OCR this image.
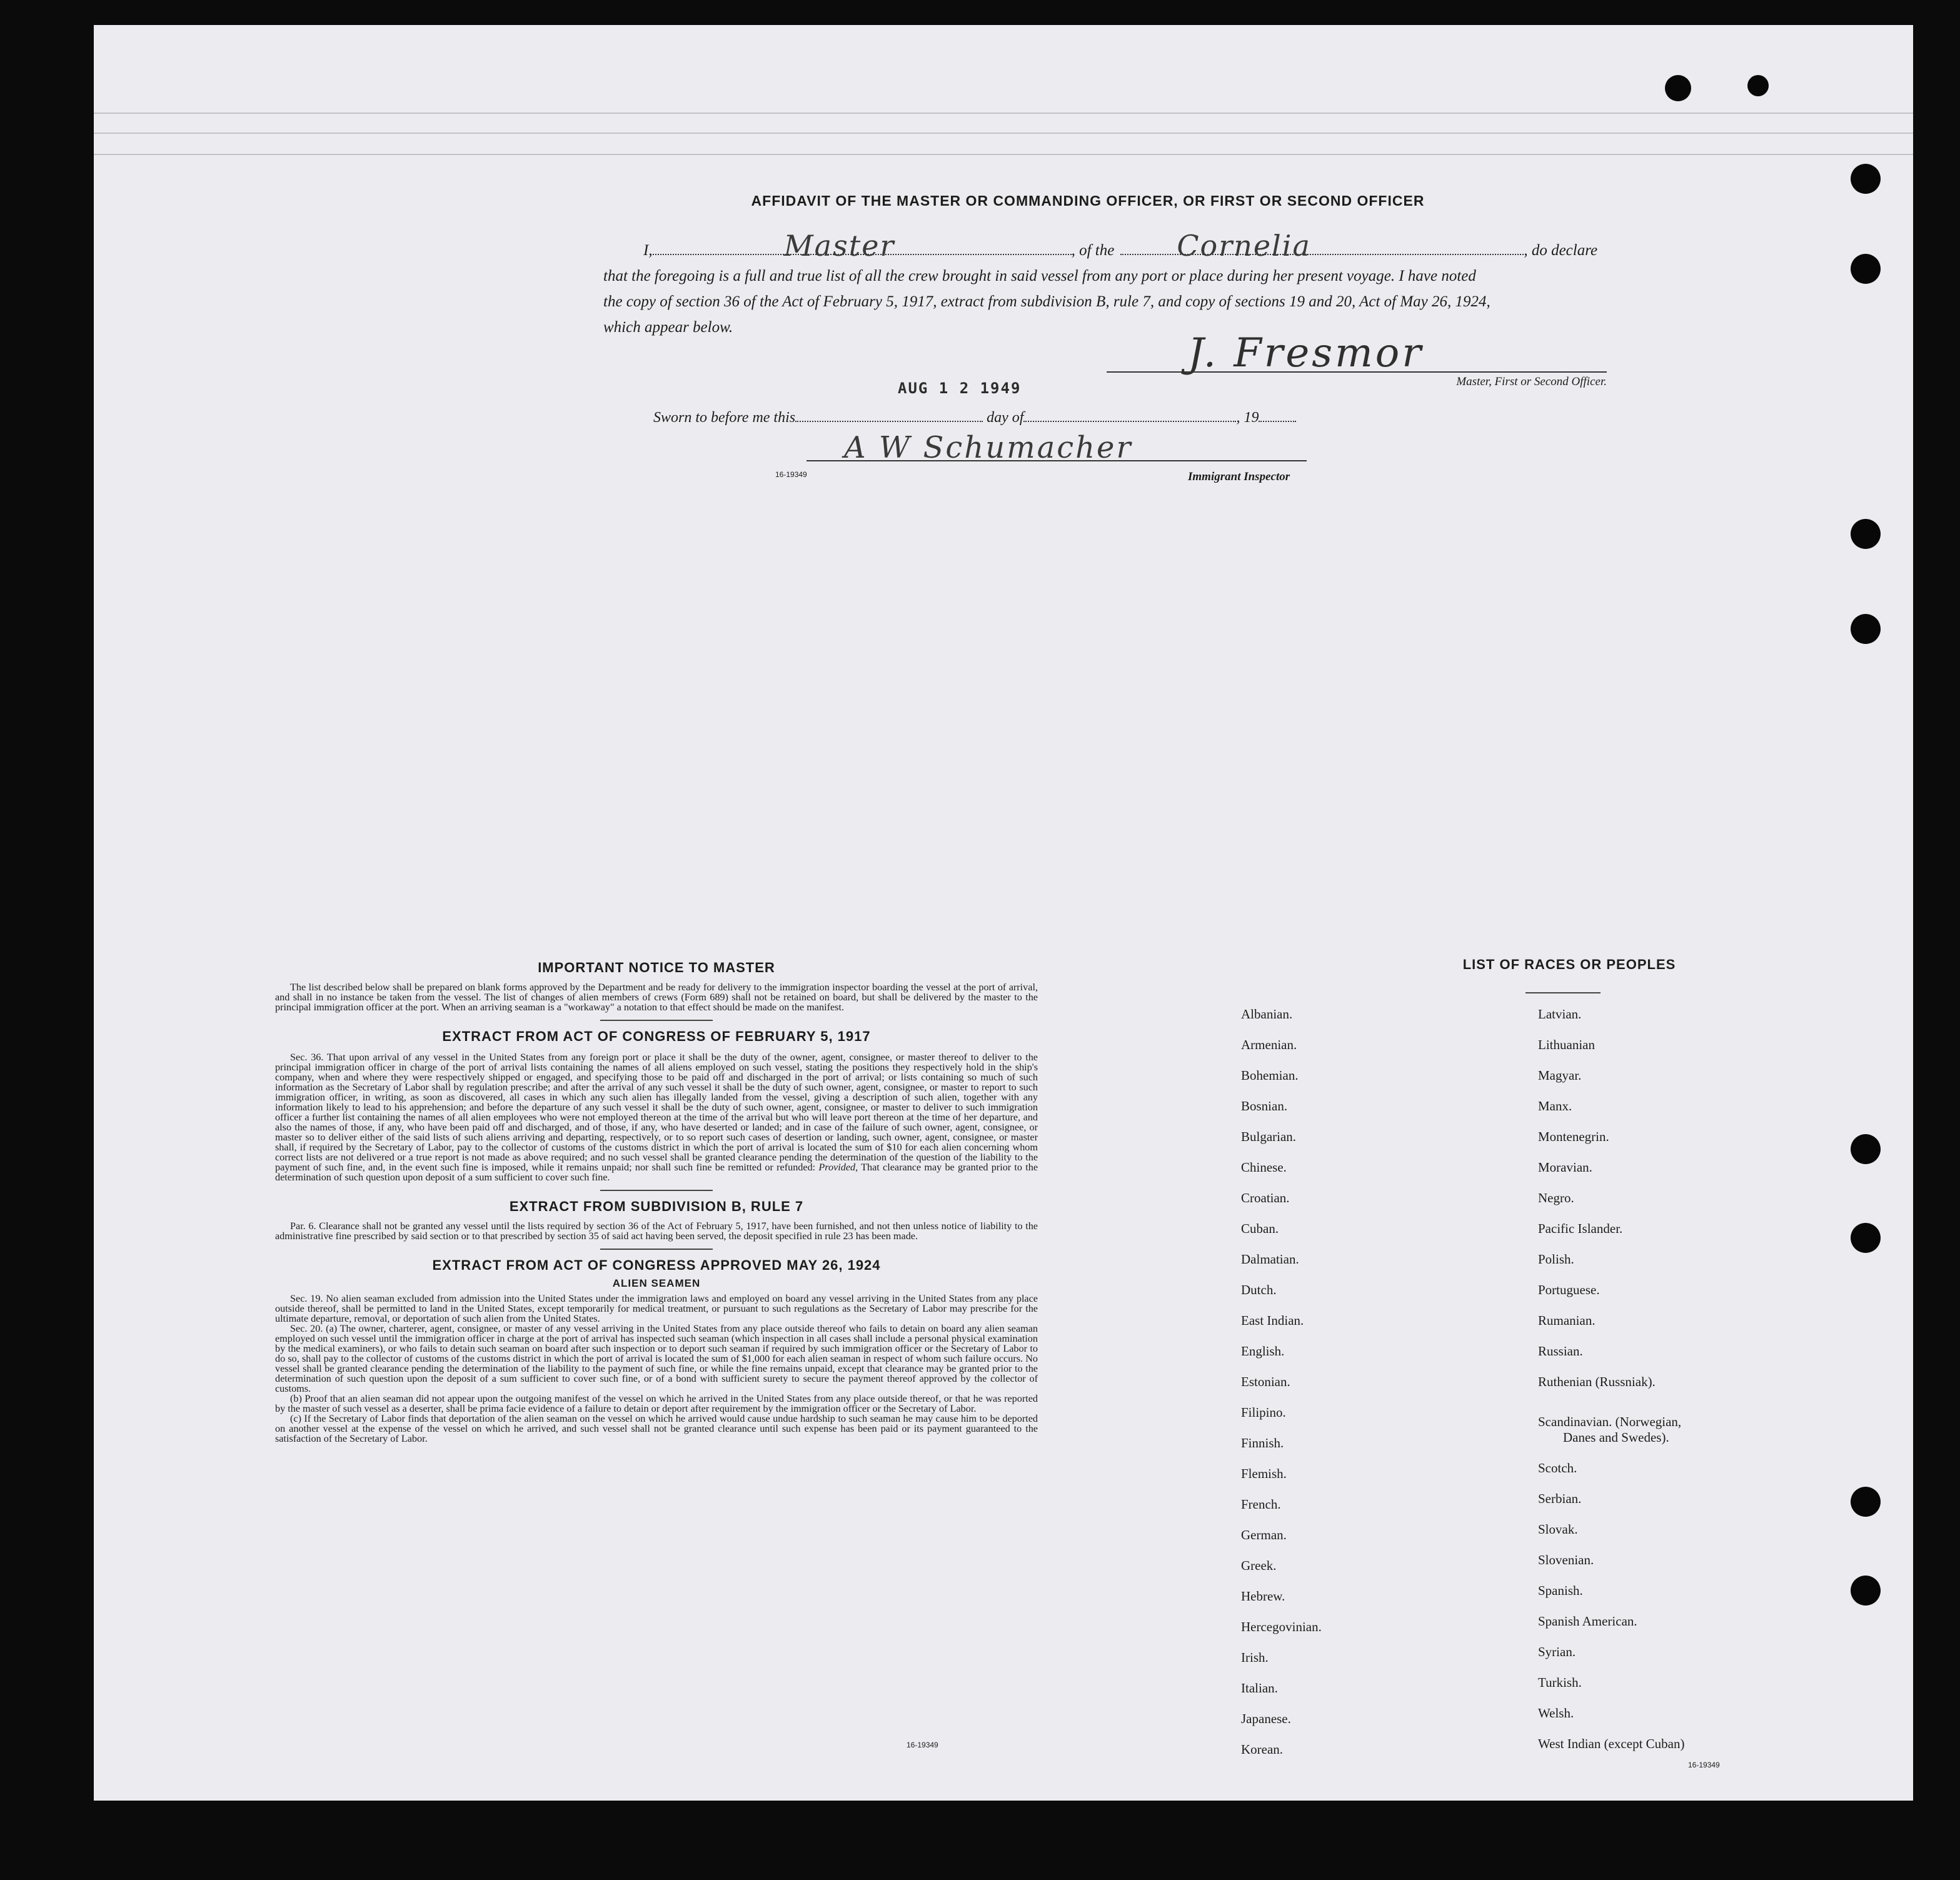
AFFIDAVIT OF THE MASTER OR COMMANDING OFFICER, OR FIRST OR SECOND OFFICER
I,	Master	, of the Cornelia	, do declare
that the foregoing is a full and true list of all the crew brought in said vessel from any port or place during her present voyage. I have noted
the copy of section 36 of the Act of February 5, 1917, extract from subdivision B, rule 7, and copy of sections 19 and 20, Act of May 26, 1924,
which appear below.
J. Fresmor
Master, First or Second Officer.
AUG 1 2 1949
Sworn to before me this	day of	, 19
A W Schumacher
16-19349	Immigrant Inspector
IMPORTANT NOTICE TO MASTER

The list described below shall be prepared on blank forms approved by the Department and be ready for delivery to the immigration inspector boarding the vessel at the port of arrival, and shall in no instance be taken from the vessel. The list of changes of alien members of crews (Form 689) shall not be retained on board, but shall be delivered by the master to the principal immigration officer at the port. When an arriving seaman is a "workaway" a notation to that effect should be made on the manifest.

EXTRACT FROM ACT OF CONGRESS OF FEBRUARY 5, 1917

Sec. 36. That upon arrival of any vessel in the United States from any foreign port or place it shall be the duty of the owner, agent, consignee, or master thereof to deliver to the principal immigration officer in charge of the port of arrival lists containing the names of all aliens employed on such vessel, stating the positions they respectively hold in the ship's company, when and where they were respectively shipped or engaged, and specifying those to be paid off and discharged in the port of arrival; or lists containing so much of such information as the Secretary of Labor shall by regulation prescribe; and after the arrival of any such vessel it shall be the duty of such owner, agent, consignee, or master to report to such immigration officer, in writing, as soon as discovered, all cases in which any such alien has illegally landed from the vessel, giving a description of such alien, together with any information likely to lead to his apprehension; and before the departure of any such vessel it shall be the duty of such owner, agent, consignee, or master to deliver to such immigration officer a further list containing the names of all alien employees who were not employed thereon at the time of the arrival but who will leave port thereon at the time of her departure, and also the names of those, if any, who have been paid off and discharged, and of those, if any, who have deserted or landed; and in case of the failure of such owner, agent, consignee, or master so to deliver either of the said lists of such aliens arriving and departing, respectively, or to so report such cases of desertion or landing, such owner, agent, consignee, or master shall, if required by the Secretary of Labor, pay to the collector of customs of the customs district in which the port of arrival is located the sum of $10 for each alien concerning whom correct lists are not delivered or a true report is not made as above required; and no such vessel shall be granted clearance pending the determination of the question of the liability to the payment of such fine, and, in the event such fine is imposed, while it remains unpaid; nor shall such fine be remitted or refunded: Provided, That clearance may be granted prior to the determination of such question upon deposit of a sum sufficient to cover such fine.

EXTRACT FROM SUBDIVISION B, RULE 7

Par. 6. Clearance shall not be granted any vessel until the lists required by section 36 of the Act of February 5, 1917, have been furnished, and not then unless notice of liability to the administrative fine prescribed by said section or to that prescribed by section 35 of said act having been served, the deposit specified in rule 23 has been made.

EXTRACT FROM ACT OF CONGRESS APPROVED MAY 26, 1924
ALIEN SEAMEN

Sec. 19. No alien seaman excluded from admission into the United States under the immigration laws and employed on board any vessel arriving in the United States from any place outside thereof, shall be permitted to land in the United States, except temporarily for medical treatment, or pursuant to such regulations as the Secretary of Labor may prescribe for the ultimate departure, removal, or deportation of such alien from the United States.

Sec. 20. (a) The owner, charterer, agent, consignee, or master of any vessel arriving in the United States from any place outside thereof who fails to detain on board any alien seaman employed on such vessel until the immigration officer in charge at the port of arrival has inspected such seaman (which inspection in all cases shall include a personal physical examination by the medical examiners), or who fails to detain such seaman on board after such inspection or to deport such seaman if required by such immigration officer or the Secretary of Labor to do so, shall pay to the collector of customs of the customs district in which the port of arrival is located the sum of $1,000 for each alien seaman in respect of whom such failure occurs. No vessel shall be granted clearance pending the determination of the liability to the payment of such fine, or while the fine remains unpaid, except that clearance may be granted prior to the determination of such question upon the deposit of a sum sufficient to cover such fine, or of a bond with sufficient surety to secure the payment thereof approved by the collector of customs.

(b) Proof that an alien seaman did not appear upon the outgoing manifest of the vessel on which he arrived in the United States from any place outside thereof, or that he was reported by the master of such vessel as a deserter, shall be prima facie evidence of a failure to detain or deport after requirement by the immigration officer or the Secretary of Labor.

(c) If the Secretary of Labor finds that deportation of the alien seaman on the vessel on which he arrived would cause undue hardship to such seaman he may cause him to be deported on another vessel at the expense of the vessel on which he arrived, and such vessel shall not be granted clearance until such expense has been paid or its payment guaranteed to the satisfaction of the Secretary of Labor.

16-19349
LIST OF RACES OR PEOPLES
Albanian.
Armenian.
Bohemian.
Bosnian.
Bulgarian.
Chinese.
Croatian.
Cuban.
Dalmatian.
Dutch.
East Indian.
English.
Estonian.
Filipino.
Finnish.
Flemish.
French.
German.
Greek.
Hebrew.
Hercegovinian.
Irish.
Italian.
Japanese.
Korean.
Latvian.
Lithuanian
Magyar.
Manx.
Montenegrin.
Moravian.
Negro.
Pacific Islander.
Polish.
Portuguese.
Rumanian.
Russian.
Ruthenian (Russniak).
Scandinavian. (Norwegian,
Danes and Swedes).
Scotch.
Serbian.
Slovak.
Slovenian.
Spanish.
Spanish American.
Syrian.
Turkish.
Welsh.
West Indian (except Cuban)
16-19349
